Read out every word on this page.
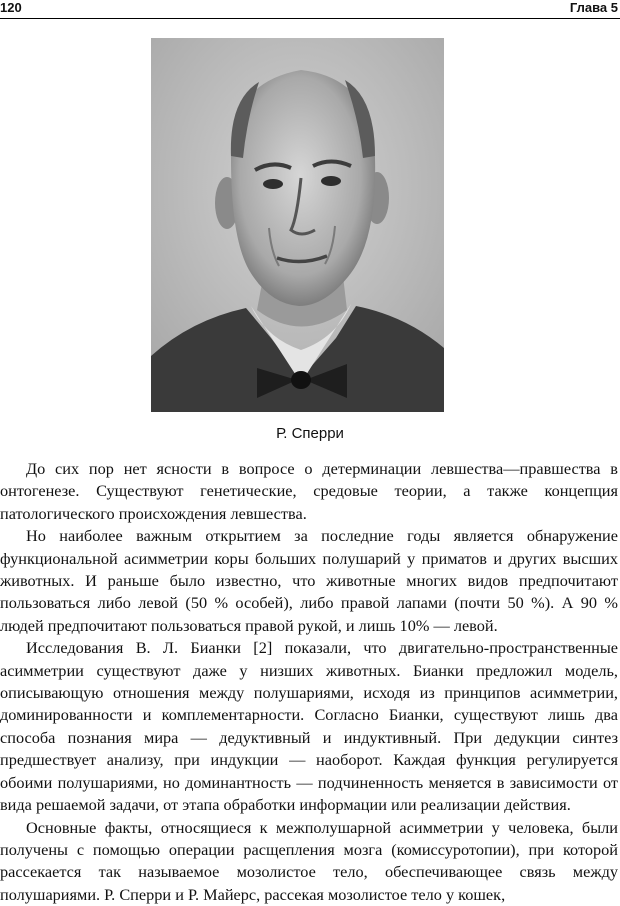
120	Глава 5
Р. Сперри

До сих пор нет ясности в вопросе о детерминации левшества—правшества в онтогенезе. Существуют генетические, средовые теории, а также концепция патологического происхождения левшества.

Но наиболее важным открытием за последние годы является обнаружение функциональной асимметрии коры больших полушарий у приматов и других высших животных. И раньше было известно, что животные многих видов предпочитают пользоваться либо левой (50 % особей), либо правой лапами (почти 50 %). А 90 % людей предпочитают пользоваться правой рукой, и лишь 10% — левой.

Исследования В. Л. Бианки [2] показали, что двигательно-пространственные асимметрии существуют даже у низших животных. Бианки предложил модель, описывающую отношения между полушариями, исходя из принципов асимметрии, доминированности и комплементарности. Согласно Бианки, существуют лишь два способа познания мира — дедуктивный и индуктивный. При дедукции синтез предшествует анализу, при индукции — наоборот. Каждая функция регулируется обоими полушариями, но доминантность — подчиненность меняется в зависимости от вида решаемой задачи, от этапа обработки информации или реализации действия.

Основные факты, относящиеся к межполушарной асимметрии у человека, были получены с помощью операции расщепления мозга (комиссуротопии), при которой рассекается так называемое мозолистое тело, обеспечивающее связь между полушариями. Р. Сперри и Р. Майерс, рассекая мозолистое тело у кошек,
